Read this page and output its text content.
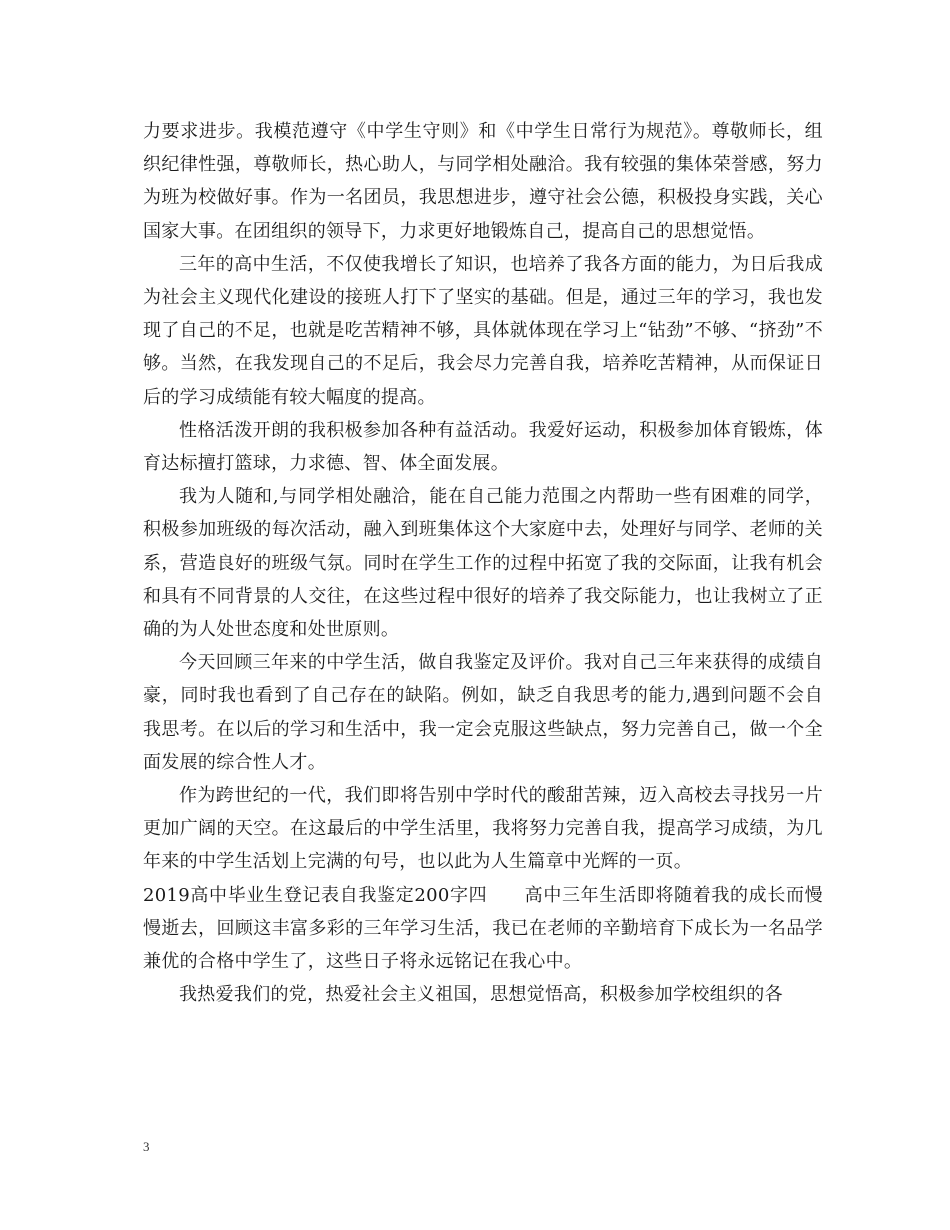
力要求进步。我模范遵守《中学生守则》和《中学生日常行为规范》。尊敬师长，组织纪律性强，尊敬师长，热心助人，与同学相处融洽。我有较强的集体荣誉感，努力为班为校做好事。作为一名团员，我思想进步，遵守社会公德，积极投身实践，关心国家大事。在团组织的领导下，力求更好地锻炼自己，提高自己的思想觉悟。

三年的高中生活，不仅使我增长了知识，也培养了我各方面的能力，为日后我成为社会主义现代化建设的接班人打下了坚实的基础。但是，通过三年的学习，我也发现了自己的不足，也就是吃苦精神不够，具体就体现在学习上“钻劲”不够、“挤劲”不够。当然，在我发现自己的不足后，我会尽力完善自我，培养吃苦精神，从而保证日后的学习成绩能有较大幅度的提高。

性格活泼开朗的我积极参加各种有益活动。我爱好运动，积极参加体育锻炼，体育达标擅打篮球，力求德、智、体全面发展。

我为人随和,与同学相处融洽，能在自己能力范围之内帮助一些有困难的同学，积极参加班级的每次活动，融入到班集体这个大家庭中去，处理好与同学、老师的关系，营造良好的班级气氛。同时在学生工作的过程中拓宽了我的交际面，让我有机会和具有不同背景的人交往，在这些过程中很好的培养了我交际能力，也让我树立了正确的为人处世态度和处世原则。

今天回顾三年来的中学生活，做自我鉴定及评价。我对自己三年来获得的成绩自豪，同时我也看到了自己存在的缺陷。例如，缺乏自我思考的能力,遇到问题不会自我思考。在以后的学习和生活中，我一定会克服这些缺点，努力完善自己，做一个全面发展的综合性人才。

作为跨世纪的一代，我们即将告别中学时代的酸甜苦辣，迈入高校去寻找另一片更加广阔的天空。在这最后的中学生活里，我将努力完善自我，提高学习成绩，为几年来的中学生活划上完满的句号，也以此为人生篇章中光辉的一页。

2019高中毕业生登记表自我鉴定200字四　　高中三年生活即将随着我的成长而慢慢逝去，回顾这丰富多彩的三年学习生活，我已在老师的辛勤培育下成长为一名品学兼优的合格中学生了，这些日子将永远铭记在我心中。

我热爱我们的党，热爱社会主义祖国，思想觉悟高，积极参加学校组织的各

3
